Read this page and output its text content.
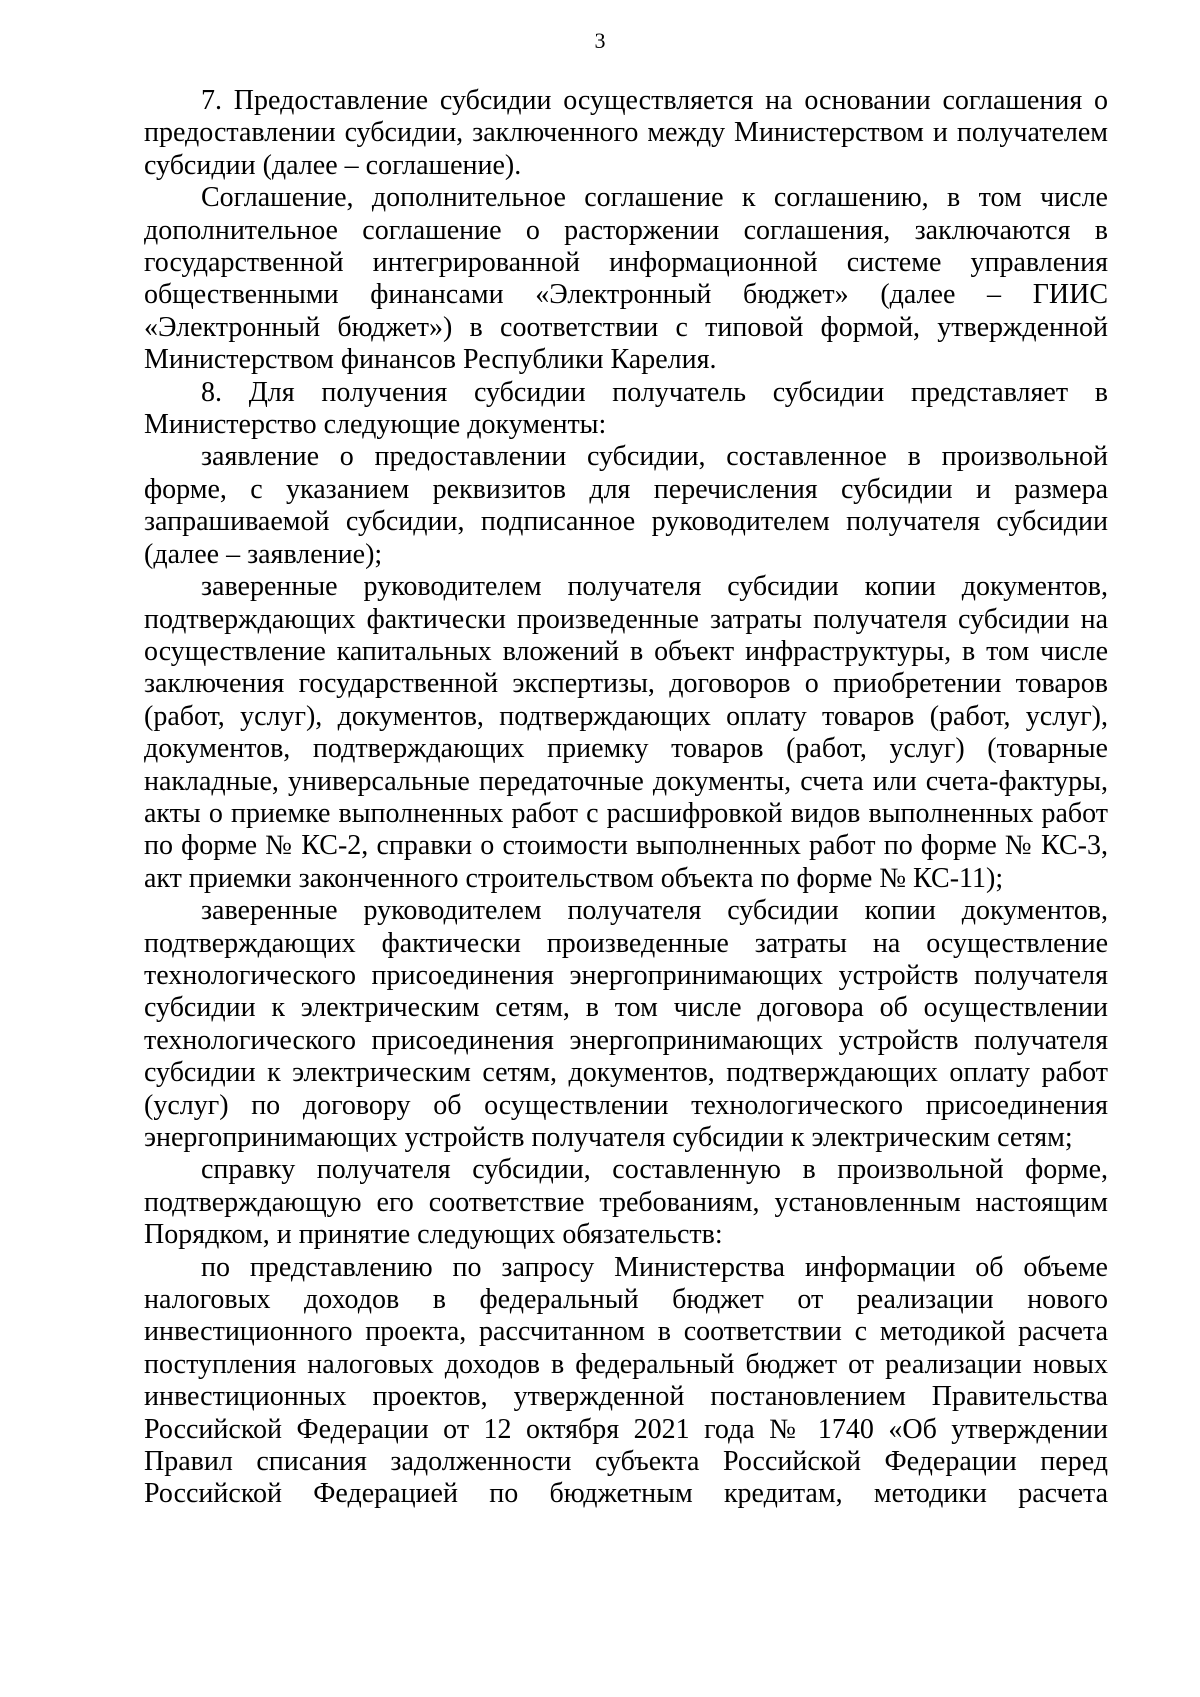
3

7. Предоставление субсидии осуществляется на основании соглашения о предоставлении субсидии, заключенного между Министерством и получателем субсидии (далее – соглашение).

Соглашение, дополнительное соглашение к соглашению, в том числе дополнительное соглашение о расторжении соглашения, заключаются в государственной интегрированной информационной системе управления общественными финансами «Электронный бюджет» (далее – ГИИС «Электронный бюджет») в соответствии с типовой формой, утвержденной Министерством финансов Республики Карелия.

8. Для получения субсидии получатель субсидии представляет в Министерство следующие документы:

заявление о предоставлении субсидии, составленное в произвольной форме, с указанием реквизитов для перечисления субсидии и размера запрашиваемой субсидии, подписанное руководителем получателя субсидии (далее – заявление);

заверенные руководителем получателя субсидии копии документов, подтверждающих фактически произведенные затраты получателя субсидии на осуществление капитальных вложений в объект инфраструктуры, в том числе заключения государственной экспертизы, договоров о приобретении товаров (работ, услуг), документов, подтверждающих оплату товаров (работ, услуг), документов, подтверждающих приемку товаров (работ, услуг) (товарные накладные, универсальные передаточные документы, счета или счета-фактуры, акты о приемке выполненных работ с расшифровкой видов выполненных работ по форме № КС-2, справки о стоимости выполненных работ по форме № КС-3, акт приемки законченного строительством объекта по форме № КС-11);

заверенные руководителем получателя субсидии копии документов, подтверждающих фактически произведенные затраты на осуществление технологического присоединения энергопринимающих устройств получателя субсидии к электрическим сетям, в том числе договора об осуществлении технологического присоединения энергопринимающих устройств получателя субсидии к электрическим сетям, документов, подтверждающих оплату работ (услуг) по договору об осуществлении технологического присоединения энергопринимающих устройств получателя субсидии к электрическим сетям;

справку получателя субсидии, составленную в произвольной форме, подтверждающую его соответствие требованиям, установленным настоящим Порядком, и принятие следующих обязательств:

по представлению по запросу Министерства информации об объеме налоговых доходов в федеральный бюджет от реализации нового инвестиционного проекта, рассчитанном в соответствии с методикой расчета поступления налоговых доходов в федеральный бюджет от реализации новых инвестиционных проектов, утвержденной постановлением Правительства Российской Федерации от 12 октября 2021 года № 1740 «Об утверждении Правил списания задолженности субъекта Российской Федерации перед Российской Федерацией по бюджетным кредитам, методики расчета
